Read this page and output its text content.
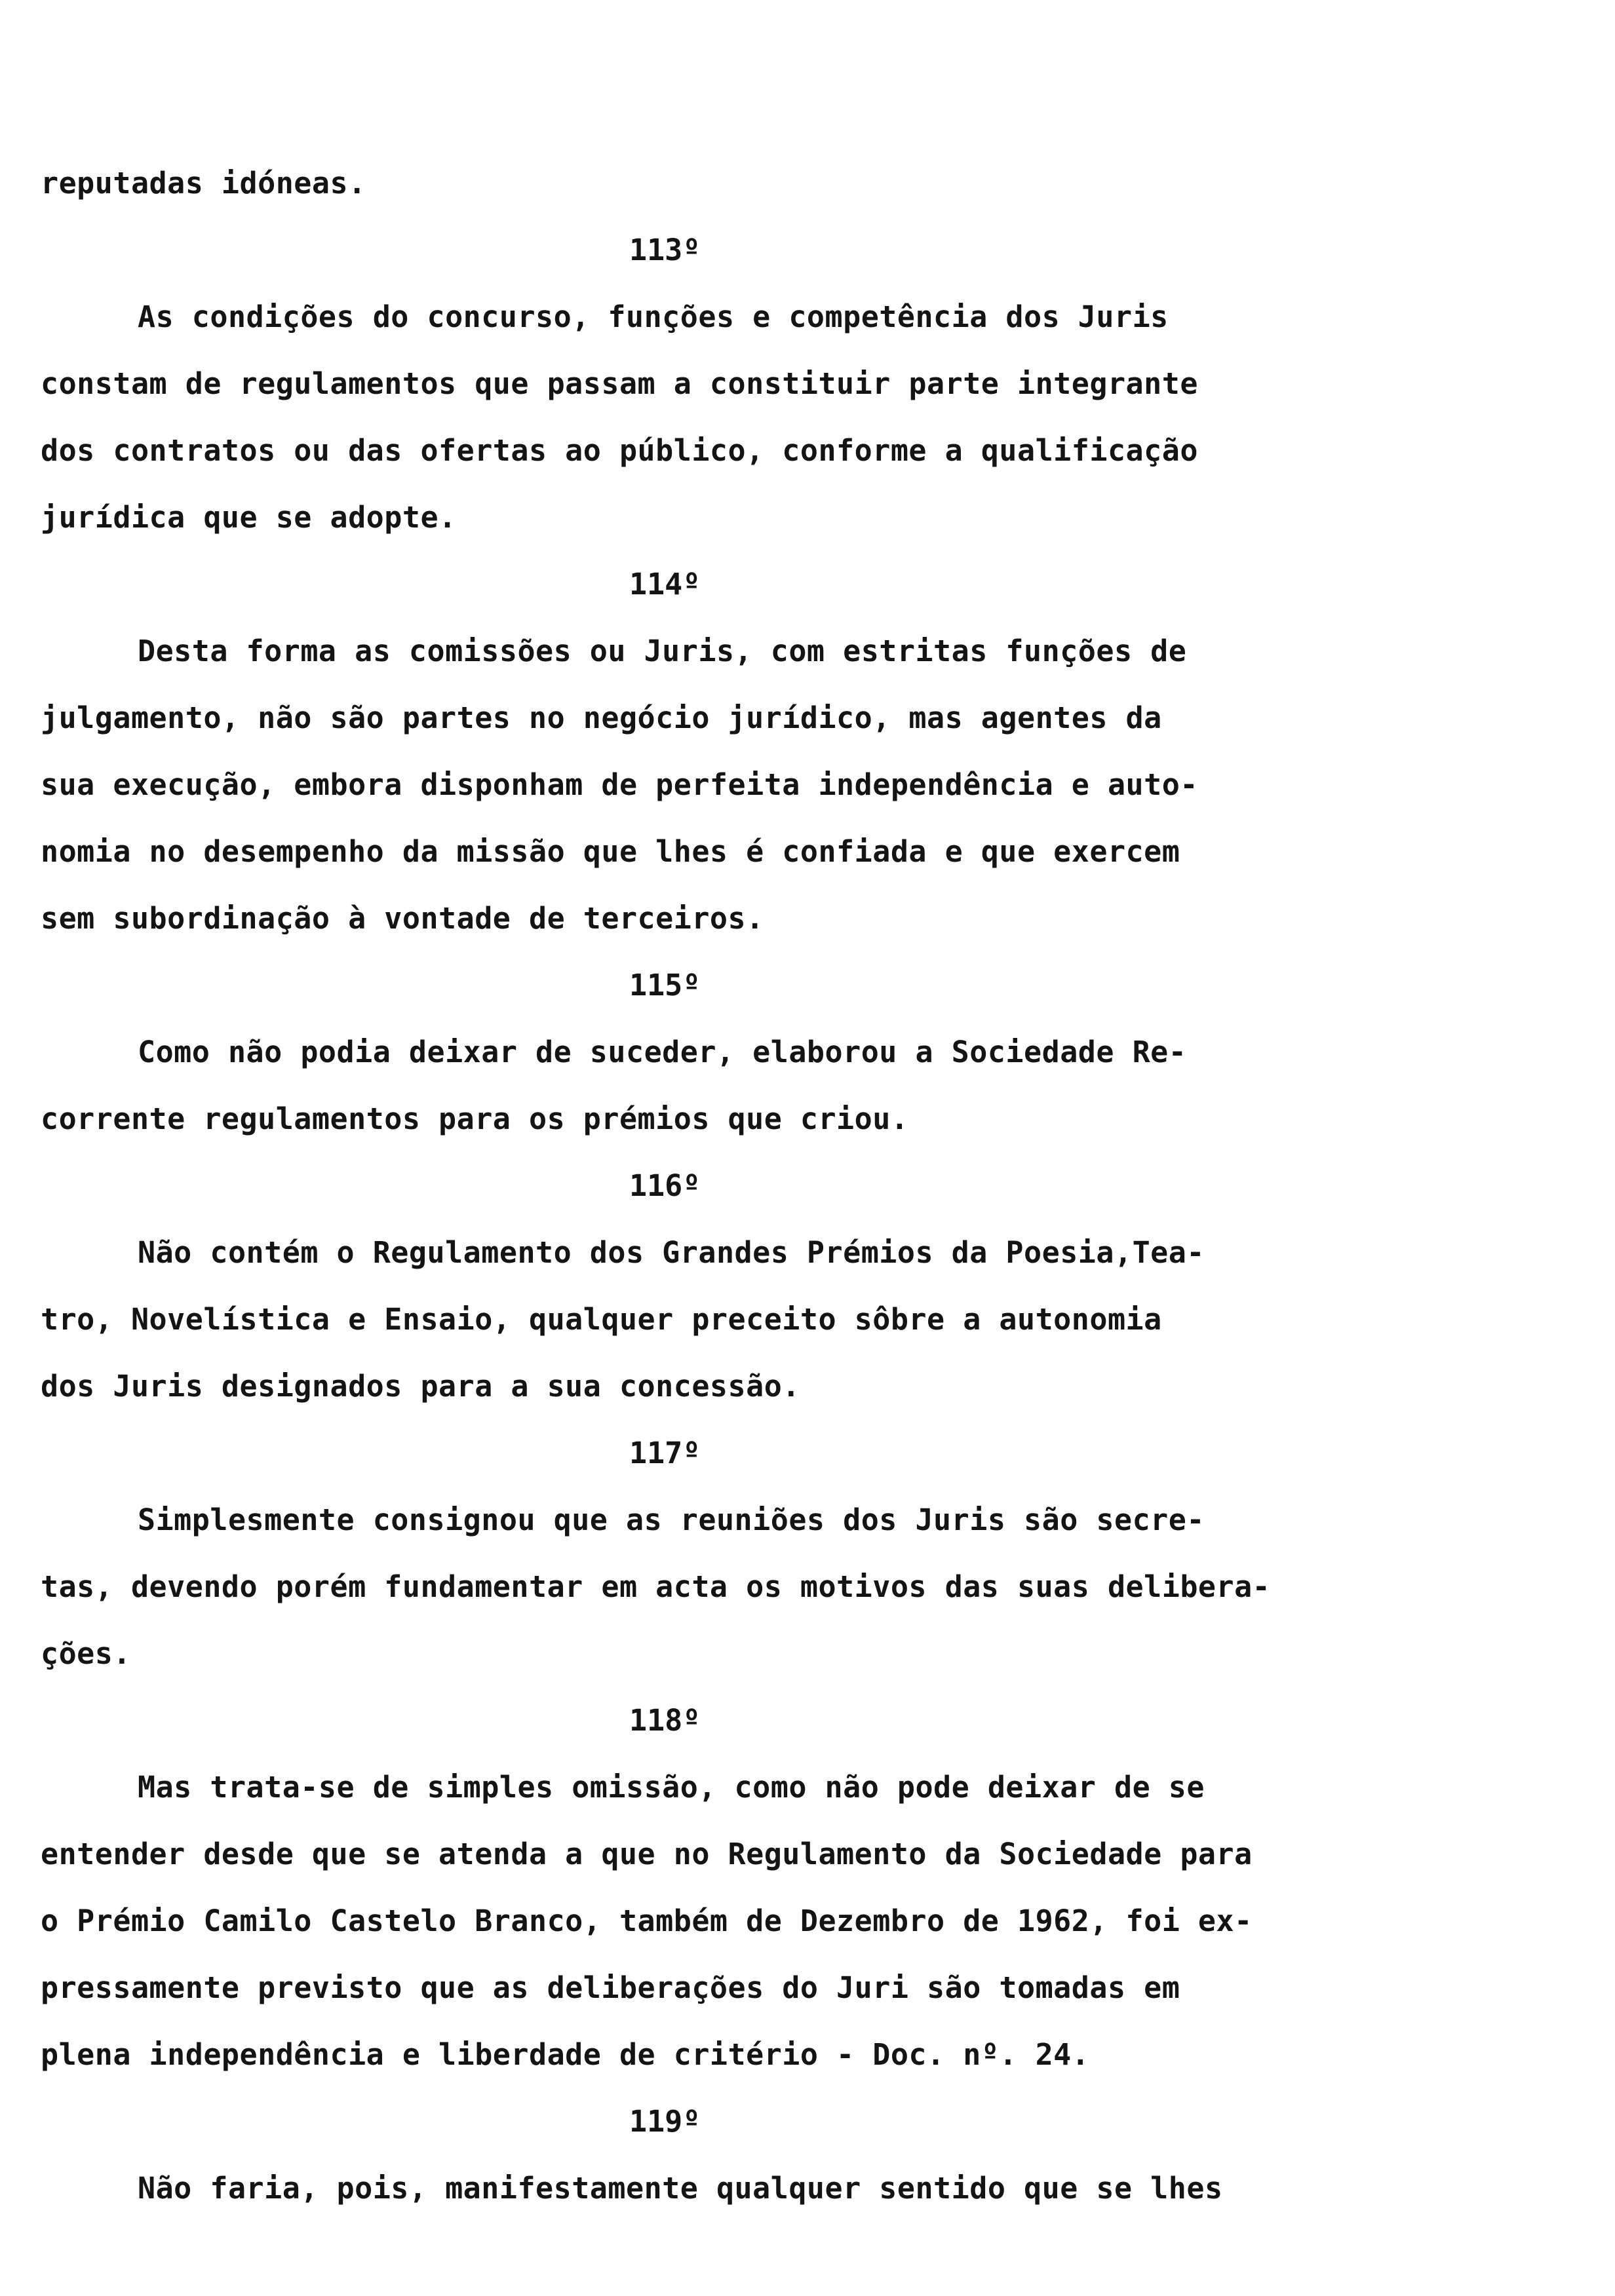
reputadas idóneas.
113º
As condições do concurso, funções e competência dos Juris
constam de regulamentos que passam a constituir parte integrante
dos contratos ou das ofertas ao público, conforme a qualificação
jurídica que se adopte.
114º
Desta forma as comissões ou Juris, com estritas funções de
julgamento, não são partes no negócio jurídico, mas agentes da
sua execução, embora disponham de perfeita independência e auto-
nomia no desempenho da missão que lhes é confiada e que exercem
sem subordinação à vontade de terceiros.
115º
Como não podia deixar de suceder, elaborou a Sociedade Re-
corrente regulamentos para os prémios que criou.
116º
Não contém o Regulamento dos Grandes Prémios da Poesia,Tea-
tro, Novelística e Ensaio, qualquer preceito sôbre a autonomia
dos Juris designados para a sua concessão.
117º
Simplesmente consignou que as reuniões dos Juris são secre-
tas, devendo porém fundamentar em acta os motivos das suas delibera-
ções.
118º
Mas trata-se de simples omissão, como não pode deixar de se
entender desde que se atenda a que no Regulamento da Sociedade para
o Prémio Camilo Castelo Branco, também de Dezembro de 1962, foi ex-
pressamente previsto que as deliberações do Juri são tomadas em
plena independência e liberdade de critério - Doc. nº. 24.
119º
Não faria, pois, manifestamente qualquer sentido que se lhes
